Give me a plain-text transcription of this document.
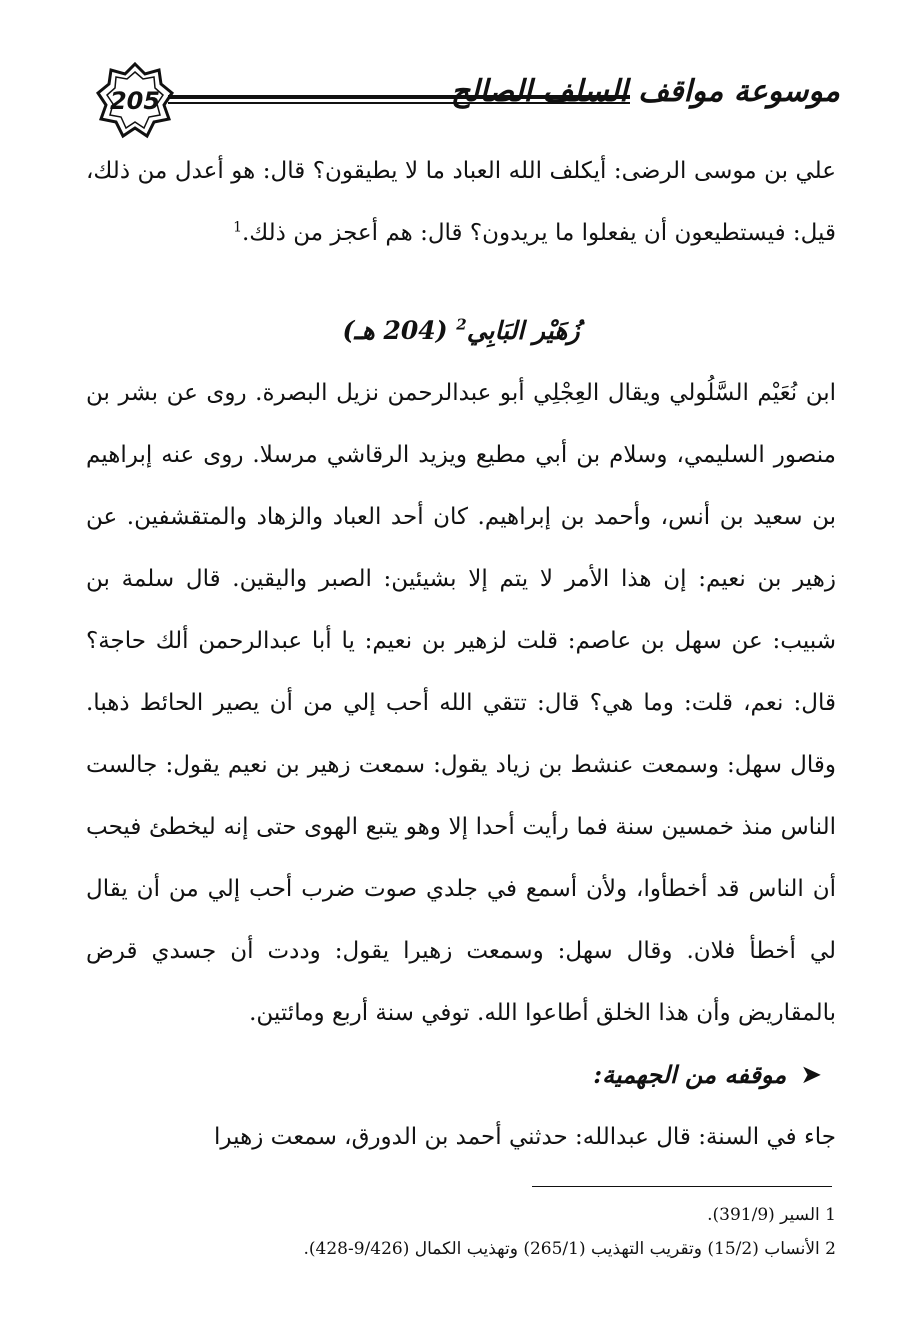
205	موسوعة مواقف السلف الصالح

علي بن موسى الرضى: أيكلف الله العباد ما لا يطيقون؟ قال: هو أعدل من ذلك، قيل: فيستطيعون أن يفعلوا ما يريدون؟ قال: هم أعجز من ذلك.$^1$

زُهَيْر البَابِي$^2$ (204 هـ)

ابن نُعَيْم السَّلُولي ويقال العِجْلِي أبو عبدالرحمن نزيل البصرة. روى عن بشر بن منصور السليمي، وسلام بن أبي مطيع ويزيد الرقاشي مرسلا. روى عنه إبراهيم بن سعيد بن أنس، وأحمد بن إبراهيم. كان أحد العباد والزهاد والمتقشفين. عن زهير بن نعيم: إن هذا الأمر لا يتم إلا بشيئين: الصبر واليقين. قال سلمة بن شبيب: عن سهل بن عاصم: قلت لزهير بن نعيم: يا أبا عبدالرحمن ألك حاجة؟ قال: نعم، قلت: وما هي؟ قال: تتقي الله أحب إلي من أن يصير الحائط ذهبا. وقال سهل: وسمعت عنشط بن زياد يقول: سمعت زهير بن نعيم يقول: جالست الناس منذ خمسين سنة فما رأيت أحدا إلا وهو يتبع الهوى حتى إنه ليخطئ فيحب أن الناس قد أخطأوا، ولأن أسمع في جلدي صوت ضرب أحب إلي من أن يقال لي أخطأ فلان. وقال سهل: وسمعت زهيرا يقول: وددت أن جسدي قرض بالمقاريض وأن هذا الخلق أطاعوا الله. توفي سنة أربع ومائتين.

➤
موقفه من الجهمية:

جاء في السنة: قال عبدالله: حدثني أحمد بن الدورق، سمعت زهيرا

1 السير (391/9).
2 الأنساب (15/2) وتقريب التهذيب (265/1) وتهذيب الكمال (9/426-428).
